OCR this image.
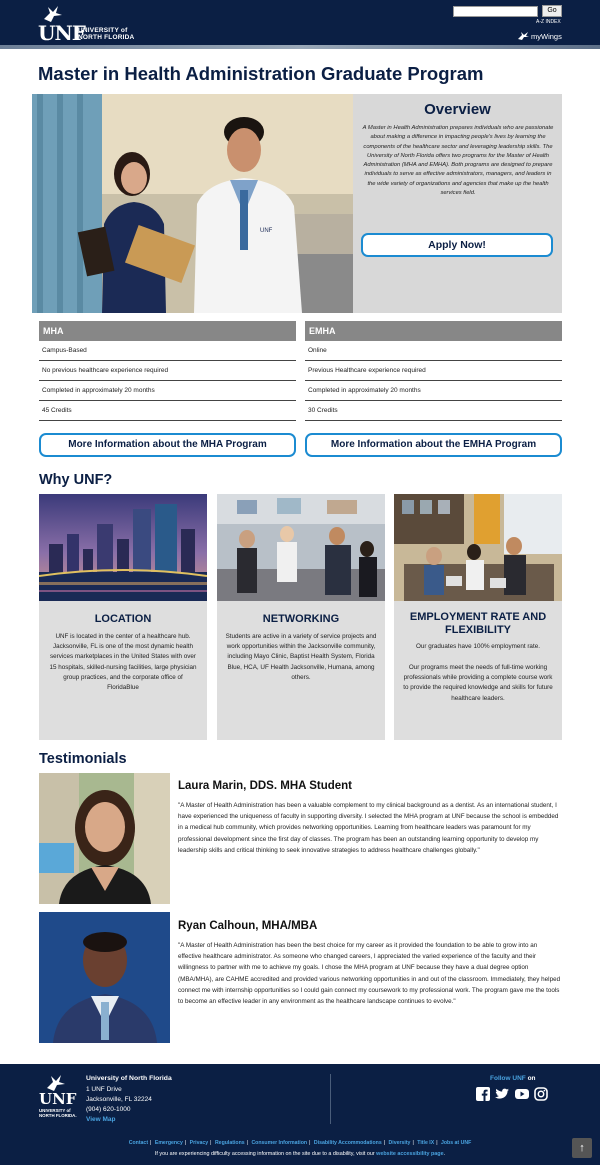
UNF
UNIVERSITY of
NORTH FLORIDA
Go
A-Z INDEX
myWings
Master in Health Administration Graduate Program
UNF
Overview
A Master in Health Administration prepares individuals who are passionate about making a difference in impacting people's lives by learning the components of the healthcare sector and leveraging leadership skills. The University of North Florida offers two programs for the Master of Health Administration (MHA and EMHA). Both programs are designed to prepare individuals to serve as effective administrators, managers, and leaders in the wide variety of organizations and agencies that make up the health services field.
Apply Now!
MHA
Campus-Based
No previous healthcare experience required
Completed in approximately 20 months
45 Credits
EMHA
Online
Previous Healthcare experience required
Completed in approximately 20 months
30 Credits
More Information about the MHA Program	More Information about the EMHA Program
Why UNF?
LOCATION
UNF is located in the center of a healthcare hub. Jacksonville, FL is one of the most dynamic health services marketplaces in the United States with over 15 hospitals, skilled-nursing facilities, large physician group practices, and the corporate office of FloridaBlue
NETWORKING
Students are active in a variety of service projects and work opportunities within the Jacksonville community, including Mayo Clinic, Baptist Health System, Florida Blue, HCA, UF Health Jacksonville, Humana, among others.
EMPLOYMENT RATE AND FLEXIBILITY
Our graduates have 100% employment rate.
Our programs meet the needs of full-time working professionals while providing a complete course work to provide the required knowledge and skills for future healthcare leaders.
Testimonials
Laura Marin, DDS. MHA Student
"A Master of Health Administration has been a valuable complement to my clinical background as a dentist. As an international student, I have experienced the uniqueness of faculty in supporting diversity. I selected the MHA program at UNF because the school is embedded in a medical hub community, which provides networking opportunities. Learning from healthcare leaders was paramount for my professional development since the first day of classes. The program has been an outstanding learning opportunity to develop my leadership skills and critical thinking to seek innovative strategies to address healthcare challenges globally."
Ryan Calhoun, MHA/MBA
"A Master of Health Administration has been the best choice for my career as it provided the foundation to be able to grow into an effective healthcare administrator. As someone who changed careers, I appreciated the varied experience of the faculty and their willingness to partner with me to achieve my goals. I chose the MHA program at UNF because they have a dual degree option (MBA/MHA), are CAHME accredited and provided various networking opportunities in and out of the classroom. Immediately, they helped connect me with internship opportunities so I could gain connect my coursework to my professional work. The program gave me the tools to become an effective leader in any environment as the healthcare landscape continues to evolve."
UNF
UNIVERSITY of
NORTH FLORIDA.
University of North Florida
1 UNF Drive
Jacksonville, FL 32224
(904) 620-1000
View Map
Follow UNF on
Contact | Emergency | Privacy | Regulations | Consumer Information | Disability Accommodations | Diversity | Title IX | Jobs at UNF
If you are experiencing difficulty accessing information on the site due to a disability, visit our website accessibility page.	↑
